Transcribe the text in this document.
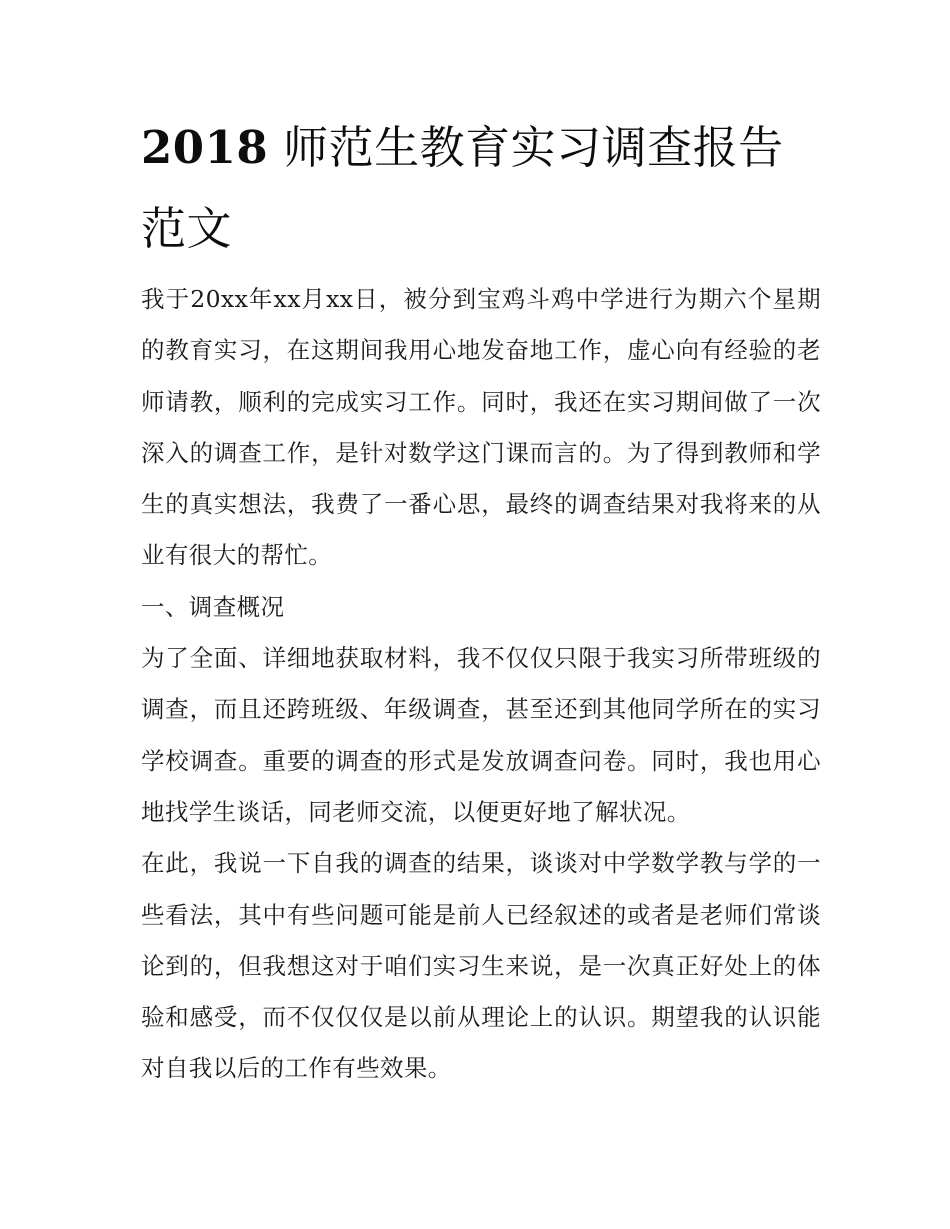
2018 师范生教育实习调查报告范文

我于20xx年xx月xx日，被分到宝鸡斗鸡中学进行为期六个星期的教育实习，在这期间我用心地发奋地工作，虚心向有经验的老师请教，顺利的完成实习工作。同时，我还在实习期间做了一次深入的调查工作，是针对数学这门课而言的。为了得到教师和学生的真实想法，我费了一番心思，最终的调查结果对我将来的从业有很大的帮忙。

一、调查概况

为了全面、详细地获取材料，我不仅仅只限于我实习所带班级的调查，而且还跨班级、年级调查，甚至还到其他同学所在的实习学校调查。重要的调查的形式是发放调查问卷。同时，我也用心地找学生谈话，同老师交流，以便更好地了解状况。

在此，我说一下自我的调查的结果，谈谈对中学数学教与学的一些看法，其中有些问题可能是前人已经叙述的或者是老师们常谈论到的，但我想这对于咱们实习生来说，是一次真正好处上的体验和感受，而不仅仅仅是以前从理论上的认识。期望我的认识能对自我以后的工作有些效果。
